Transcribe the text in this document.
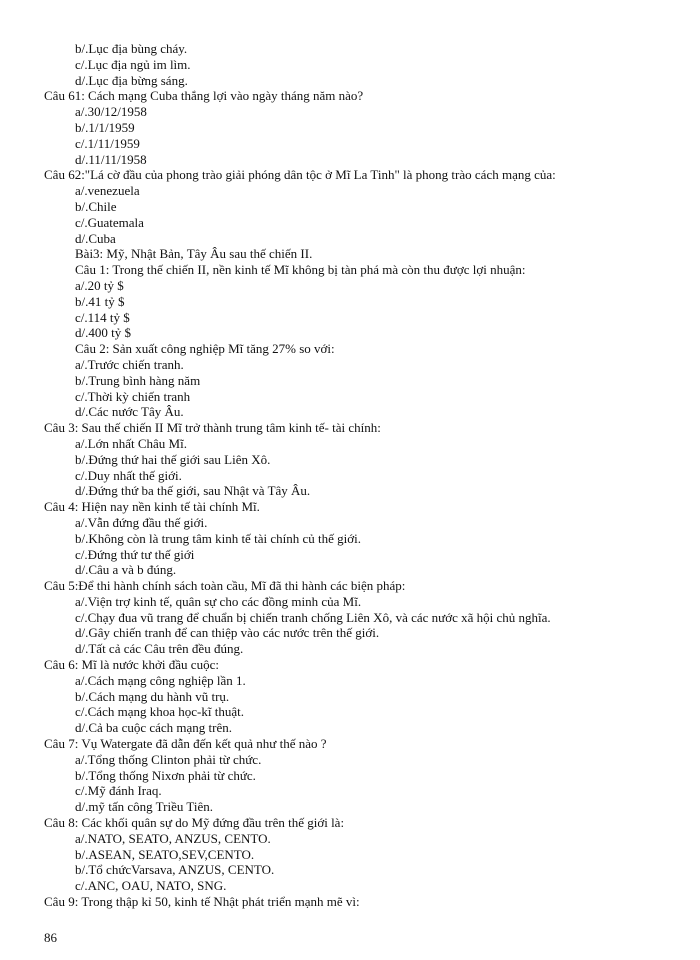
b/.Lục địa bùng cháy.
c/.Lục địa ngủ im lìm.
d/.Lục địa bừng sáng.
Câu 61: Cách mạng Cuba thắng lợi vào ngày tháng năm nào?
a/.30/12/1958
b/.1/1/1959
c/.1/11/1959
d/.11/11/1958
Câu 62:"Lá cờ đầu của phong trào giải phóng dân tộc ở Mĩ La Tinh" là phong trào cách mạng của:
a/.venezuela
b/.Chile
c/.Guatemala
d/.Cuba
Bài3: Mỹ, Nhật Bản, Tây Âu sau thế chiến II.
Câu 1: Trong thế chiến II, nền kinh tế Mĩ không bị tàn phá mà còn thu được lợi nhuận:
a/.20 tỷ $
b/.41 tỷ $
c/.114 tỷ $
d/.400 tỷ $
Câu 2: Sản xuất công nghiệp Mĩ tăng 27% so với:
a/.Trước chiến tranh.
b/.Trung bình hàng năm
c/.Thời kỳ chiến tranh
d/.Các nước Tây Âu.
Câu 3: Sau thế chiến II Mĩ trở thành trung tâm kinh tế- tài chính:
a/.Lớn nhất Châu Mĩ.
b/.Đứng thứ hai thế giới sau Liên Xô.
c/.Duy nhất thế giới.
d/.Đứng thứ ba thế giới, sau Nhật và Tây Âu.
Câu 4: Hiện nay nền kinh tế tài chính Mĩ.
a/.Vẫn đứng đầu thế giới.
b/.Không còn là trung tâm kinh tế tài chính củ thế giới.
c/.Đứng thứ tư thế giới
d/.Câu a và b đúng.
Câu 5:Để thi hành chính sách toàn cầu, Mĩ đã thi hành các biện pháp:
a/.Viện trợ kinh tế, quân sự cho các đồng minh của Mĩ.
c/.Chạy đua vũ trang để chuẩn bị chiến tranh chống Liên Xô, và các nước xã hội chủ nghĩa.
d/.Gây chiến tranh để can thiệp vào các nước trên thế giới.
d/.Tất cả các Câu trên đều đúng.
Câu 6: Mĩ là nước khởi đầu cuộc:
a/.Cách mạng công nghiệp lần 1.
b/.Cách mạng du hành vũ trụ.
c/.Cách mạng khoa học-kĩ thuật.
d/.Cả ba cuộc cách mạng trên.
Câu 7: Vụ Watergate đã dẫn đến kết quả như thế nào ?
a/.Tổng thống Clinton phải từ chức.
b/.Tổng thống Nixơn phải từ chức.
c/.Mỹ đánh Iraq.
d/.mỹ tấn công Triều Tiên.
Câu 8: Các khối quân sự do Mỹ đứng đầu trên thế giới là:
a/.NATO, SEATO, ANZUS, CENTO.
b/.ASEAN, SEATO,SEV,CENTO.
b/.Tổ chứcVarsava, ANZUS, CENTO.
c/.ANC, OAU, NATO, SNG.
Câu 9: Trong thập kỉ 50, kinh tế Nhật phát triển mạnh mẽ vì:
86
